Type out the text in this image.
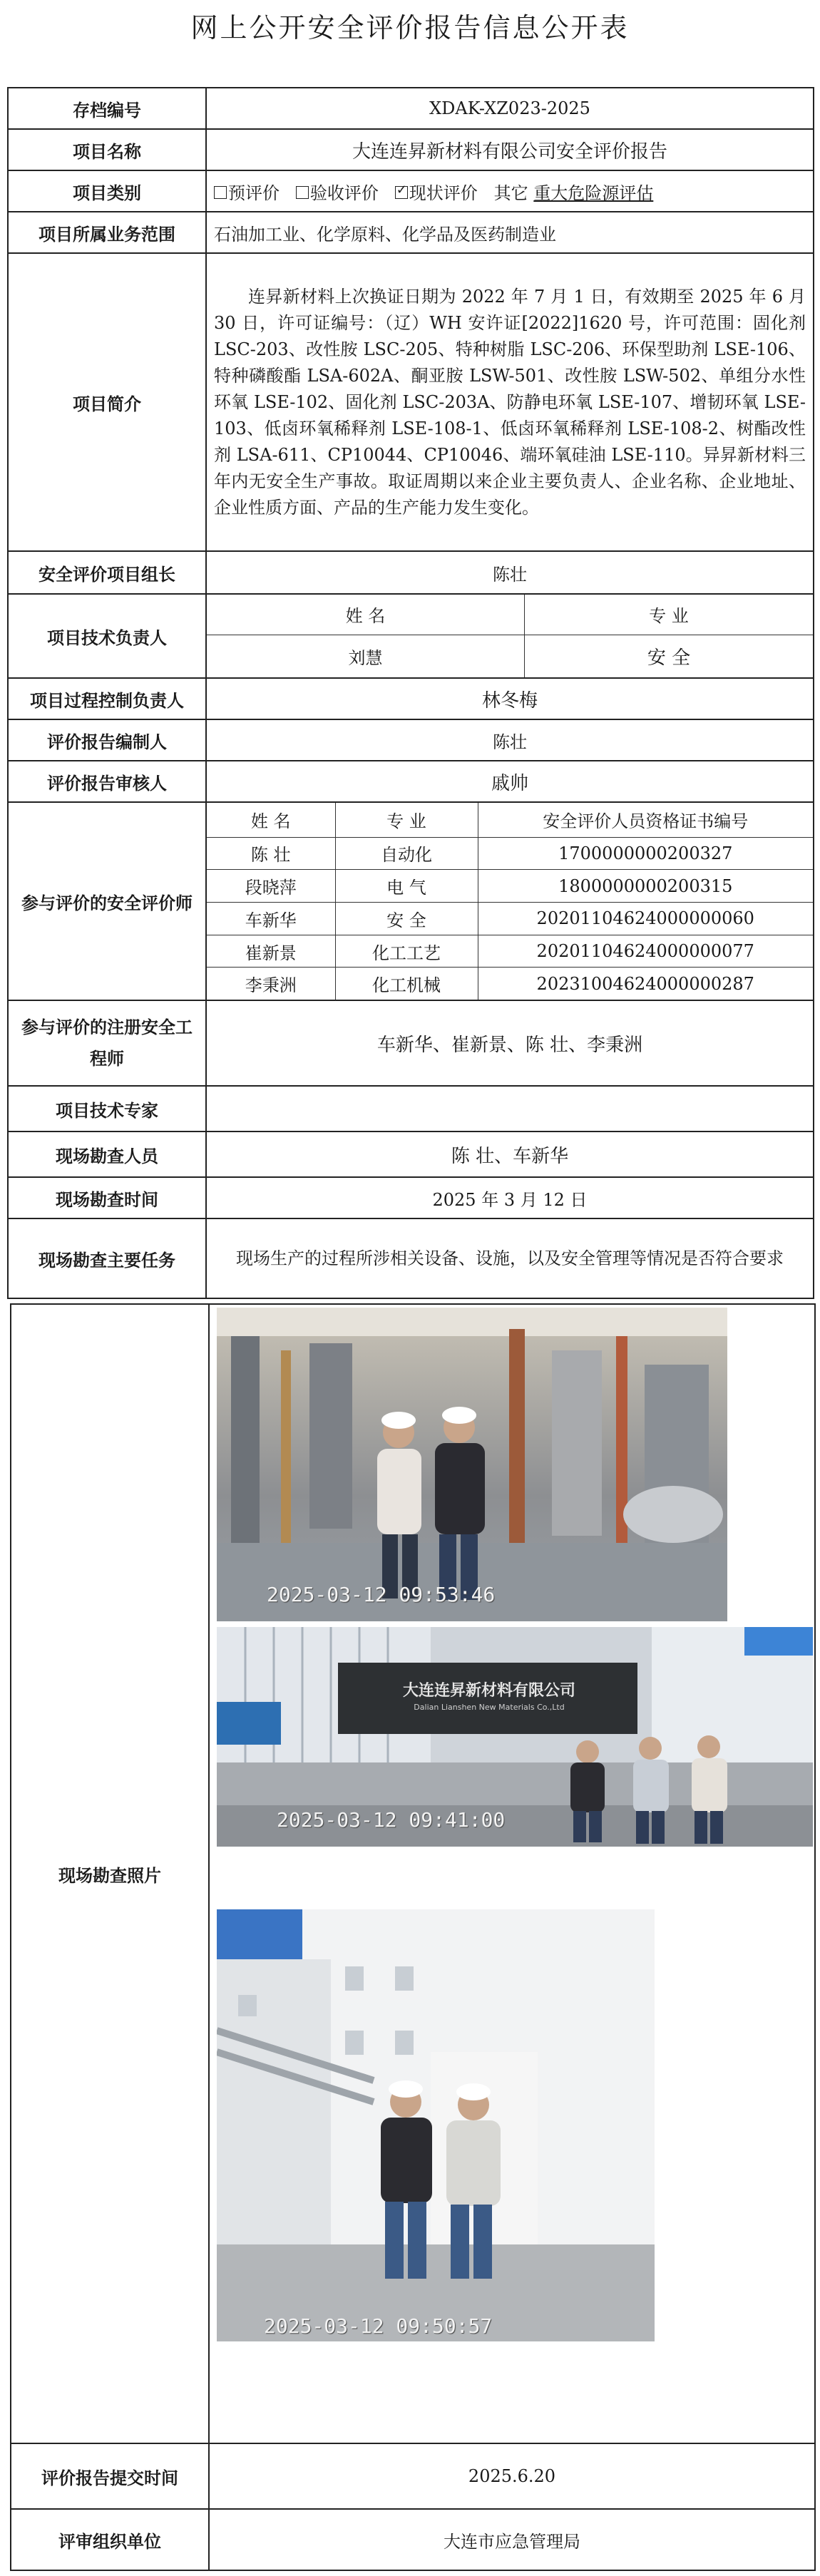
网上公开安全评价报告信息公开表
存档编号	XDAK-XZ023-2025
项目名称	大连连昇新材料有限公司安全评价报告
项目类别	预评价 验收评价 ✓ 现状评价 其它 重大危险源评估
项目所属业务范围	石油加工业、化学原料、化学品及医药制造业
项目简介	连昇新材料上次换证日期为 2022 年 7 月 1 日，有效期至 2025 年 6 月 30 日，许可证编号：（辽）WH 安许证[2022]1620 号，许可范围：固化剂 LSC-203、改性胺 LSC-205、特种树脂 LSC-206、环保型助剂 LSE-106、特种磷酸酯 LSA-602A、酮亚胺 LSW-501、改性胺 LSW-502、单组分水性环氧 LSE-102、固化剂 LSC-203A、防静电环氧 LSE-107、增韧环氧 LSE-103、低卤环氧稀释剂 LSE-108-1、低卤环氧稀释剂 LSE-108-2、树酯改性剂 LSA-611、CP10044、CP10046、端环氧硅油 LSE-110。异昇新材料三年内无安全生产事故。取证周期以来企业主要负责人、企业名称、企业地址、企业性质方面、产品的生产能力发生变化。
安全评价项目组长	陈壮
项目技术负责人	
姓 名	专 业
刘慧	安 全

项目过程控制负责人	林冬梅
评价报告编制人	陈壮
评价报告审核人	戚帅
参与评价的安全评价师	
姓 名	专 业	安全评价人员资格证书编号
陈 壮	自动化	1700000000200327
段晓萍	电 气	1800000000200315
车新华	安 全	202011046240000000​60
崔新景	化工工艺	202011046240000000​77
李秉洲	化工机械	202310046240000002​87

参与评价的注册安全工程师	车新华、崔新景、陈 壮、李秉洲
项目技术专家	
现场勘查人员	陈 壮、车新华
现场勘查时间	2025 年 3 月 12 日
现场勘查主要任务	现场生产的过程所涉相关设备、设施，以及安全管理等情况是否符合要求
现场勘查照片	
评价报告提交时间	2025.6.20
评审组织单位	大连市应急管理局
2025-03-12 09:53:46
大连连昇新材料有限公司
Dalian Lianshen New Materials Co.,Ltd
2025-03-12 09:41:00
2025-03-12 09:50:57
